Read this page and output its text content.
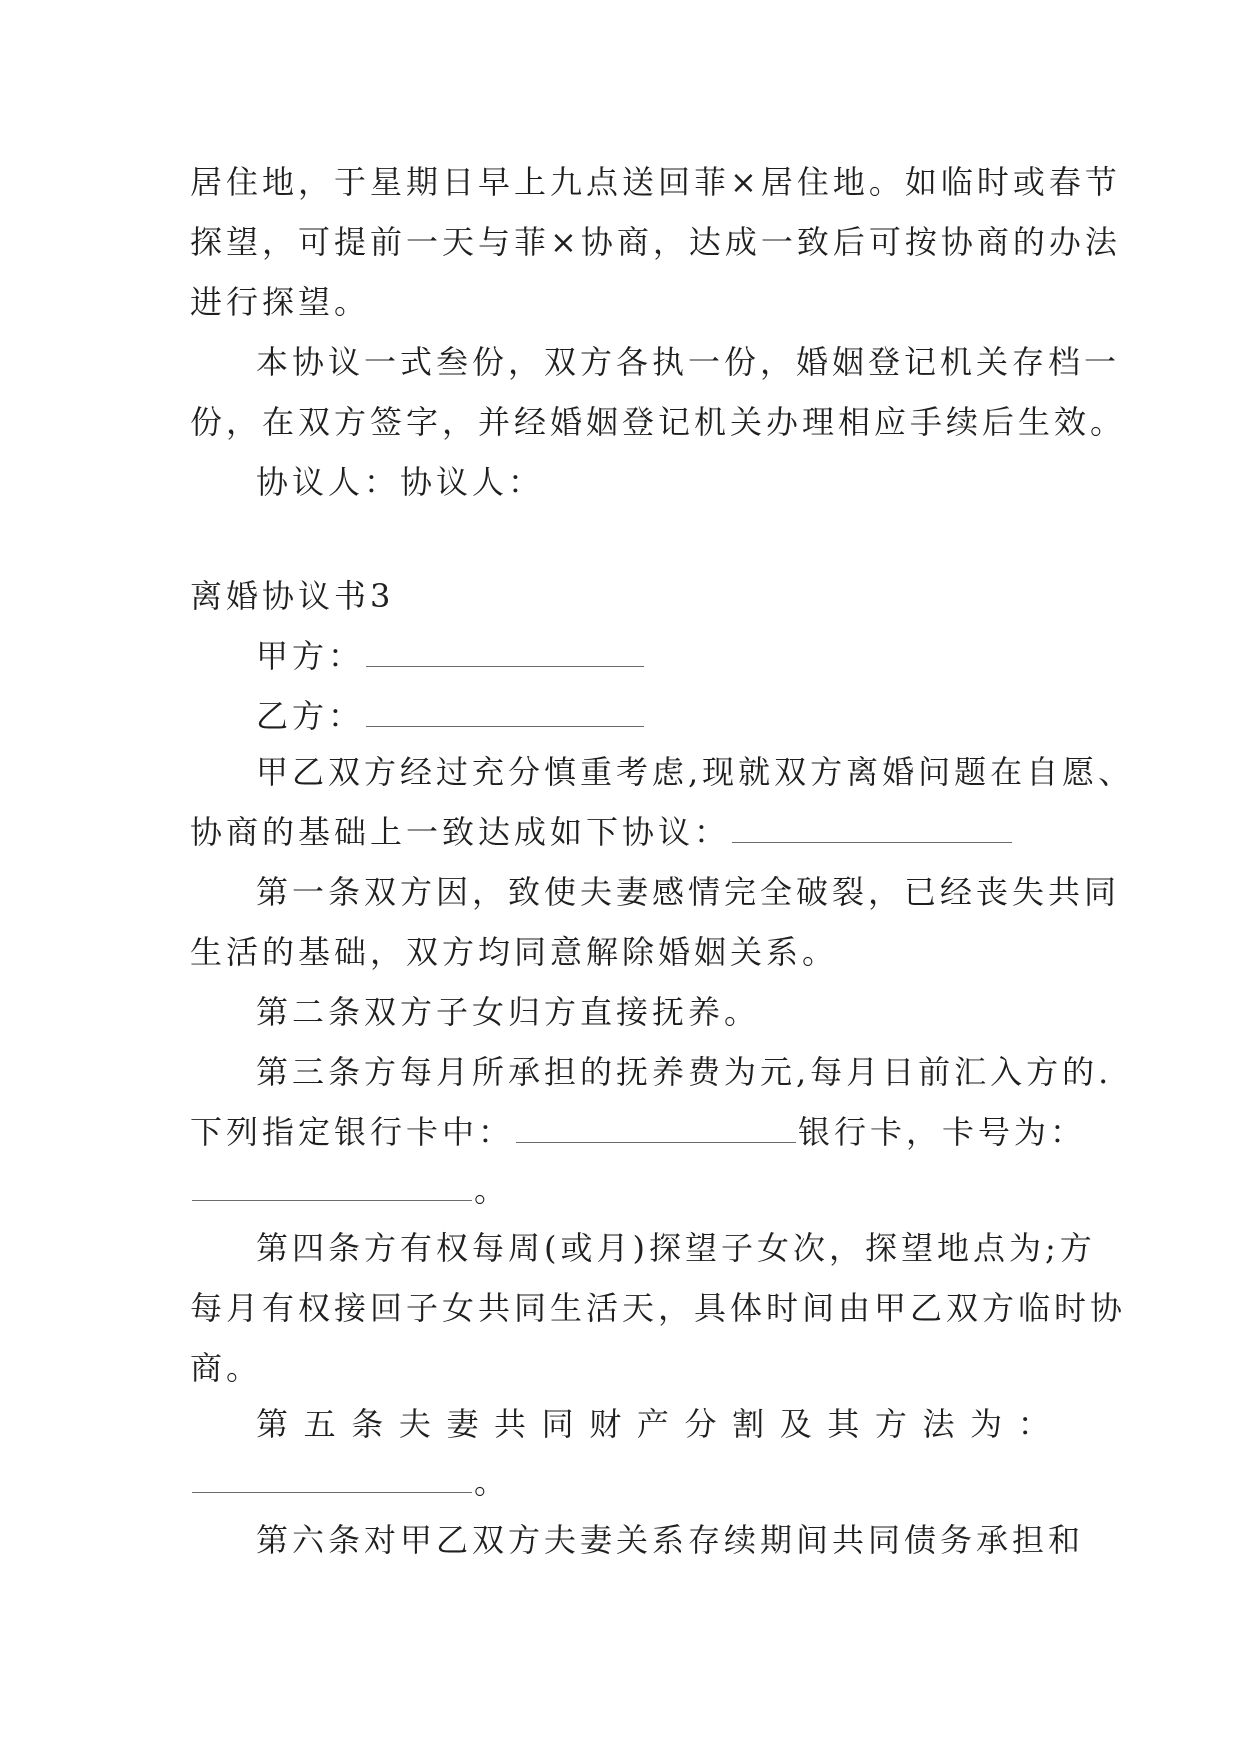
居住地，于星期日早上九点送回菲×居住地。如临时或春节
探望，可提前一天与菲×协商，达成一致后可按协商的办法
进行探望。
本协议一式叁份，双方各执一份，婚姻登记机关存档一
份，在双方签字，并经婚姻登记机关办理相应手续后生效。
协议人：协议人：
离婚协议书3
甲方：
乙方：
甲乙双方经过充分慎重考虑,现就双方离婚问题在自愿、
协商的基础上一致达成如下协议：
第一条双方因，致使夫妻感情完全破裂，已经丧失共同
生活的基础，双方均同意解除婚姻关系。
第二条双方子女归方直接抚养。
第三条方每月所承担的抚养费为元,每月日前汇入方的.
下列指定银行卡中：	银行卡，卡号为：
。
第四条方有权每周(或月)探望子女次，探望地点为;方
每月有权接回子女共同生活天，具体时间由甲乙双方临时协
商。
第 五 条 夫 妻 共 同 财 产 分 割 及 其 方 法 为 ：
。
第六条对甲乙双方夫妻关系存续期间共同债务承担和
